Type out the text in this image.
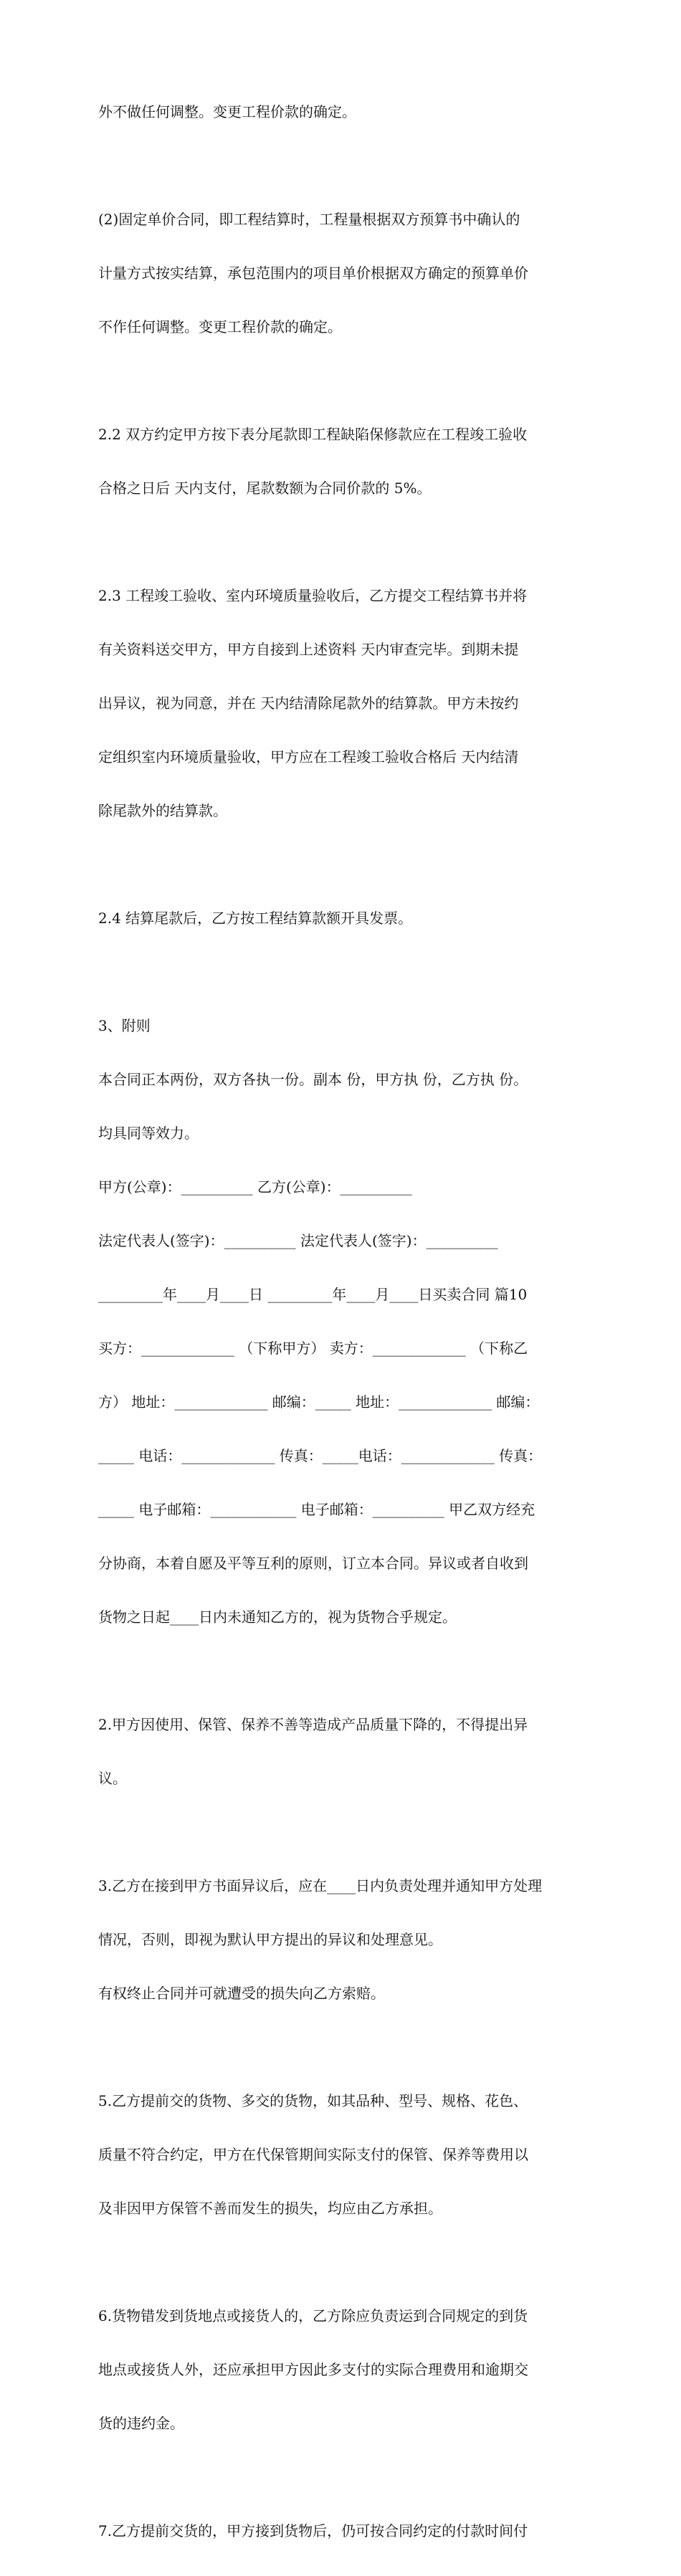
外不做任何调整。变更工程价款的确定。

(2)固定单价合同，即工程结算时，工程量根据双方预算书中确认的

计量方式按实结算，承包范围内的项目单价根据双方确定的预算单价

不作任何调整。变更工程价款的确定。

2.2 双方约定甲方按下表分尾款即工程缺陷保修款应在工程竣工验收

合格之日后 天内支付，尾款数额为合同价款的 5%。

2.3 工程竣工验收、室内环境质量验收后，乙方提交工程结算书并将

有关资料送交甲方，甲方自接到上述资料 天内审查完毕。到期未提

出异议，视为同意，并在 天内结清除尾款外的结算款。甲方未按约

定组织室内环境质量验收，甲方应在工程竣工验收合格后 天内结清

除尾款外的结算款。

2.4 结算尾款后，乙方按工程结算款额开具发票。

3、附则

本合同正本两份，双方各执一份。副本 份，甲方执 份，乙方执 份。

均具同等效力。

甲方(公章)：__________ 乙方(公章)：__________

法定代表人(签字)：__________ 法定代表人(签字)：__________

_________年____月____日 _________年____月____日买卖合同 篇10

买方：_____________ （下称甲方） 卖方：_____________ （下称乙

方） 地址：_____________ 邮编：_____ 地址：_____________ 邮编：

_____ 电话：_____________ 传真：_____电话：_____________ 传真：

_____ 电子邮箱：____________ 电子邮箱：__________ 甲乙双方经充

分协商，本着自愿及平等互利的原则，订立本合同。异议或者自收到

货物之日起____日内未通知乙方的，视为货物合乎规定。

2.甲方因使用、保管、保养不善等造成产品质量下降的，不得提出异

议。

3.乙方在接到甲方书面异议后，应在____日内负责处理并通知甲方处理

情况，否则，即视为默认甲方提出的异议和处理意见。

有权终止合同并可就遭受的损失向乙方索赔。

5.乙方提前交的货物、多交的货物，如其品种、型号、规格、花色、

质量不符合约定，甲方在代保管期间实际支付的保管、保养等费用以

及非因甲方保管不善而发生的损失，均应由乙方承担。

6.货物错发到货地点或接货人的，乙方除应负责运到合同规定的到货

地点或接货人外，还应承担甲方因此多支付的实际合理费用和逾期交

货的违约金。

7.乙方提前交货的，甲方接到货物后，仍可按合同约定的付款时间付
